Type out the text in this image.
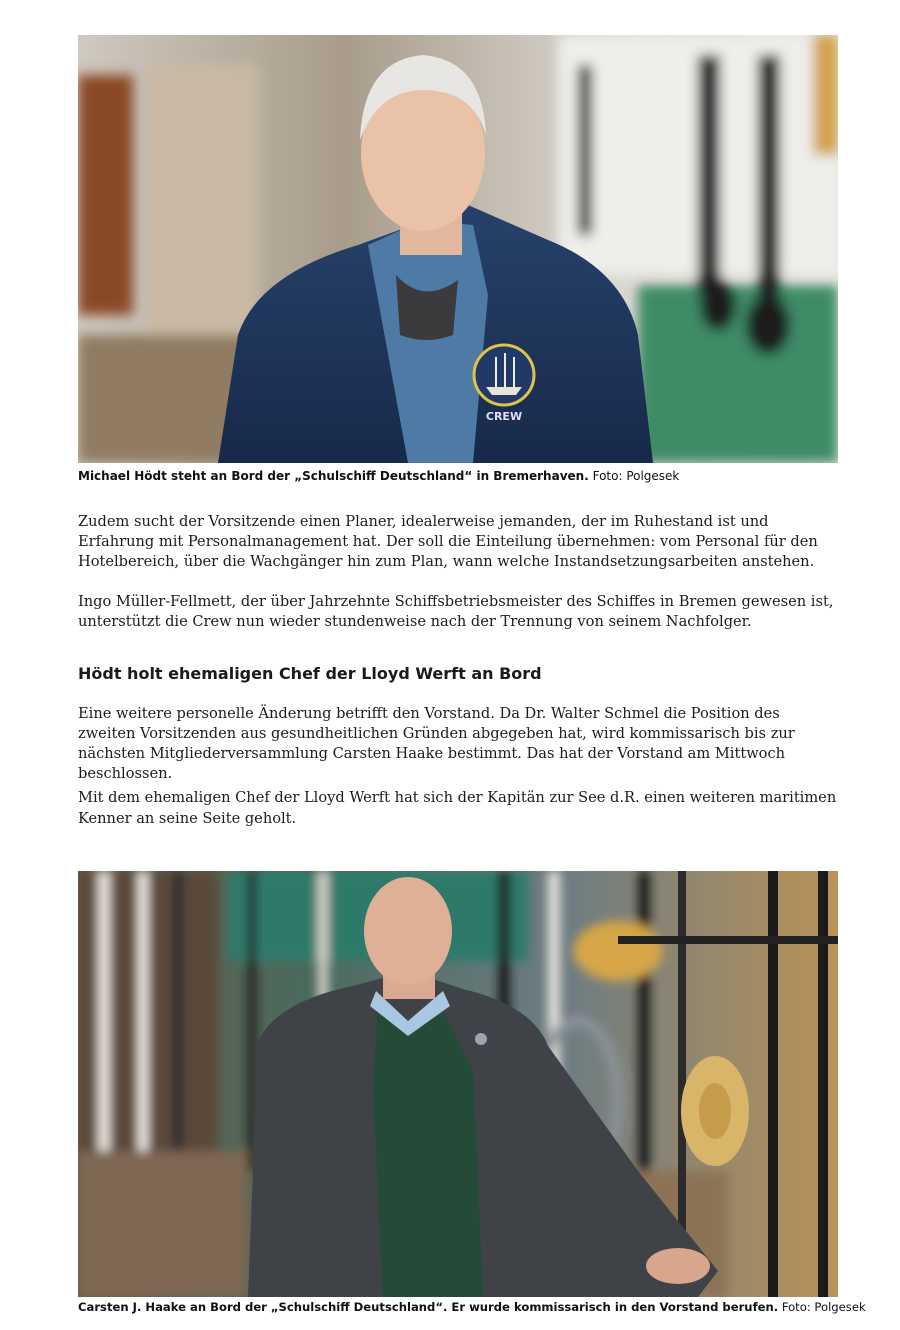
CREW
Michael Hödt steht an Bord der „Schulschiff Deutschland“ in Bremerhaven. Foto: Polgesek

Zudem sucht der Vorsitzende einen Planer, idealerweise jemanden, der im Ruhestand ist und Erfahrung mit Personalmanagement hat. Der soll die Einteilung übernehmen: vom Personal für den Hotelbereich, über die Wachgänger hin zum Plan, wann welche Instandsetzungsarbeiten anstehen.

Ingo Müller-Fellmett, der über Jahrzehnte Schiffsbetriebsmeister des Schiffes in Bremen gewesen ist, unterstützt die Crew nun wieder stundenweise nach der Trennung von seinem Nachfolger.

Hödt holt ehemaligen Chef der Lloyd Werft an Bord

Eine weitere personelle Änderung betrifft den Vorstand. Da Dr. Walter Schmel die Position des zweiten Vorsitzenden aus gesundheitlichen Gründen abgegeben hat, wird kommissarisch bis zur nächsten Mitgliederversammlung Carsten Haake bestimmt. Das hat der Vorstand am Mittwoch beschlossen.

Mit dem ehemaligen Chef der Lloyd Werft hat sich der Kapitän zur See d.R. einen weiteren maritimen Kenner an seine Seite geholt.

Carsten J. Haake an Bord der „Schulschiff Deutschland“. Er wurde kommissarisch in den Vorstand berufen. Foto: Polgesek
